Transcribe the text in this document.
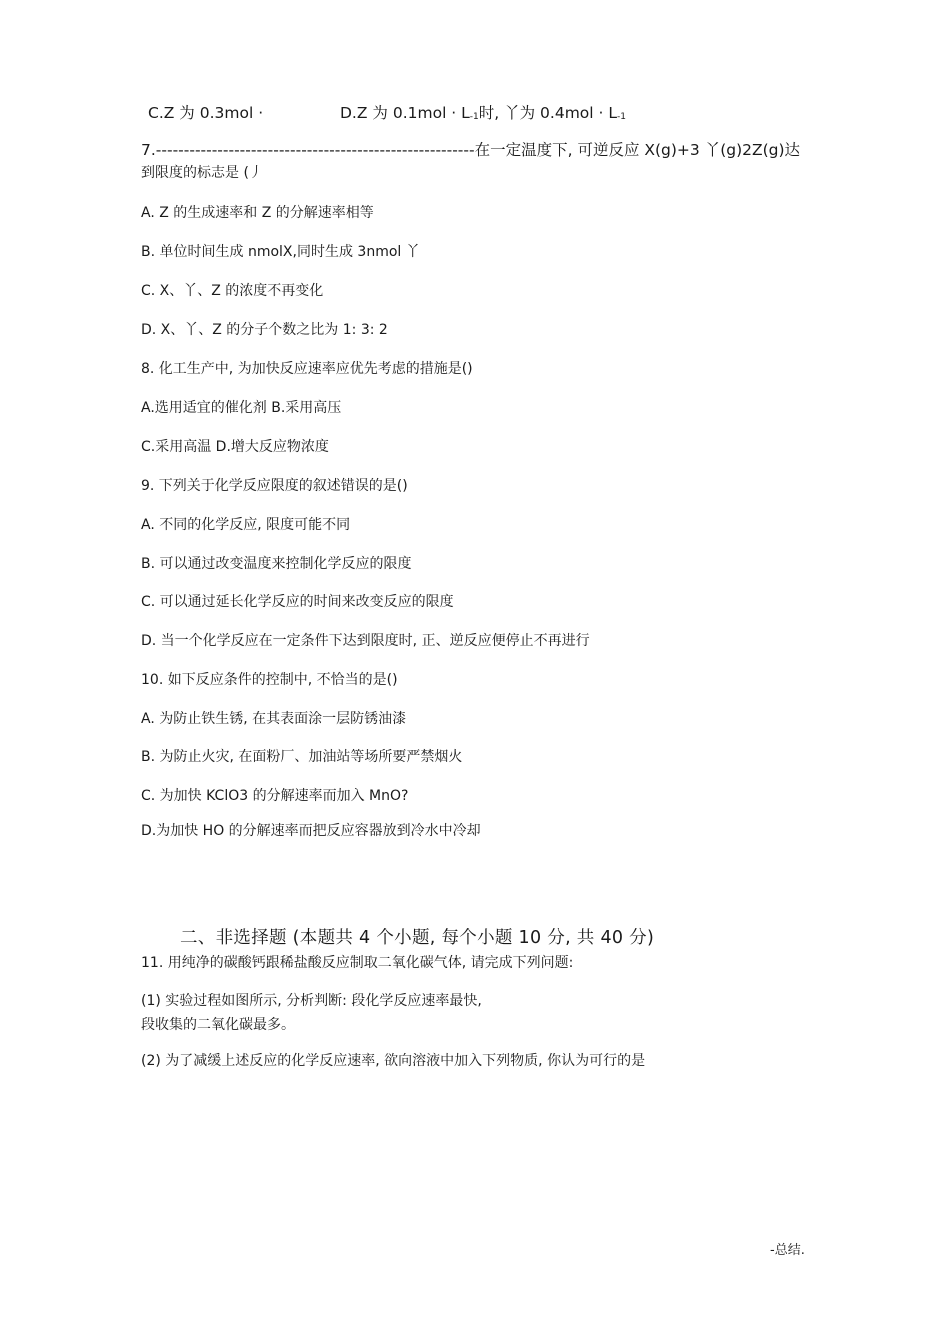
C.Z 为 0.3mol ·	D.Z 为 $0.1mol \cdot L_{-1}$时, 丫为 $0.4mol \cdot L_{-1}$
7.---------------------------------------------------------在一定温度下, 可逆反应 X(g)+3 丫(g)2Z(g)达
到限度的标志是 (丿
A. Z 的生成速率和 Z 的分解速率相等
B. 单位时间生成 nmolX,同时生成 3nmol 丫
C. X、丫、Z 的浓度不再变化
D. X、丫、Z 的分子个数之比为 1: 3: 2
8. 化工生产中, 为加快反应速率应优先考虑的措施是()
A.选用适宜的催化剂 B.采用高压
C.采用高温 D.增大反应物浓度
9. 下列关于化学反应限度的叙述错误的是()
A. 不同的化学反应, 限度可能不同
B. 可以通过改变温度来控制化学反应的限度
C. 可以通过延长化学反应的时间来改变反应的限度
D. 当一个化学反应在一定条件下达到限度时, 正、逆反应便停止不再进行
10. 如下反应条件的控制中, 不恰当的是()
A. 为防止铁生锈, 在其表面涂一层防锈油漆
B. 为防止火灾, 在面粉厂、加油站等场所要严禁烟火
C. 为加快 KClO3 的分解速率而加入 MnO?
D.为加快 HO 的分解速率而把反应容器放到冷水中冷却
二、非选择题 (本题共 4 个小题, 每个小题 10 分, 共 40 分)
11. 用纯净的碳酸钙跟稀盐酸反应制取二氧化碳气体, 请完成下列问题:
(1) 实验过程如图所示, 分析判断: 段化学反应速率最快,
段收集的二氧化碳最多。
(2) 为了减缓上述反应的化学反应速率, 欲向溶液中加入下列物质, 你认为可行的是
-总结.
